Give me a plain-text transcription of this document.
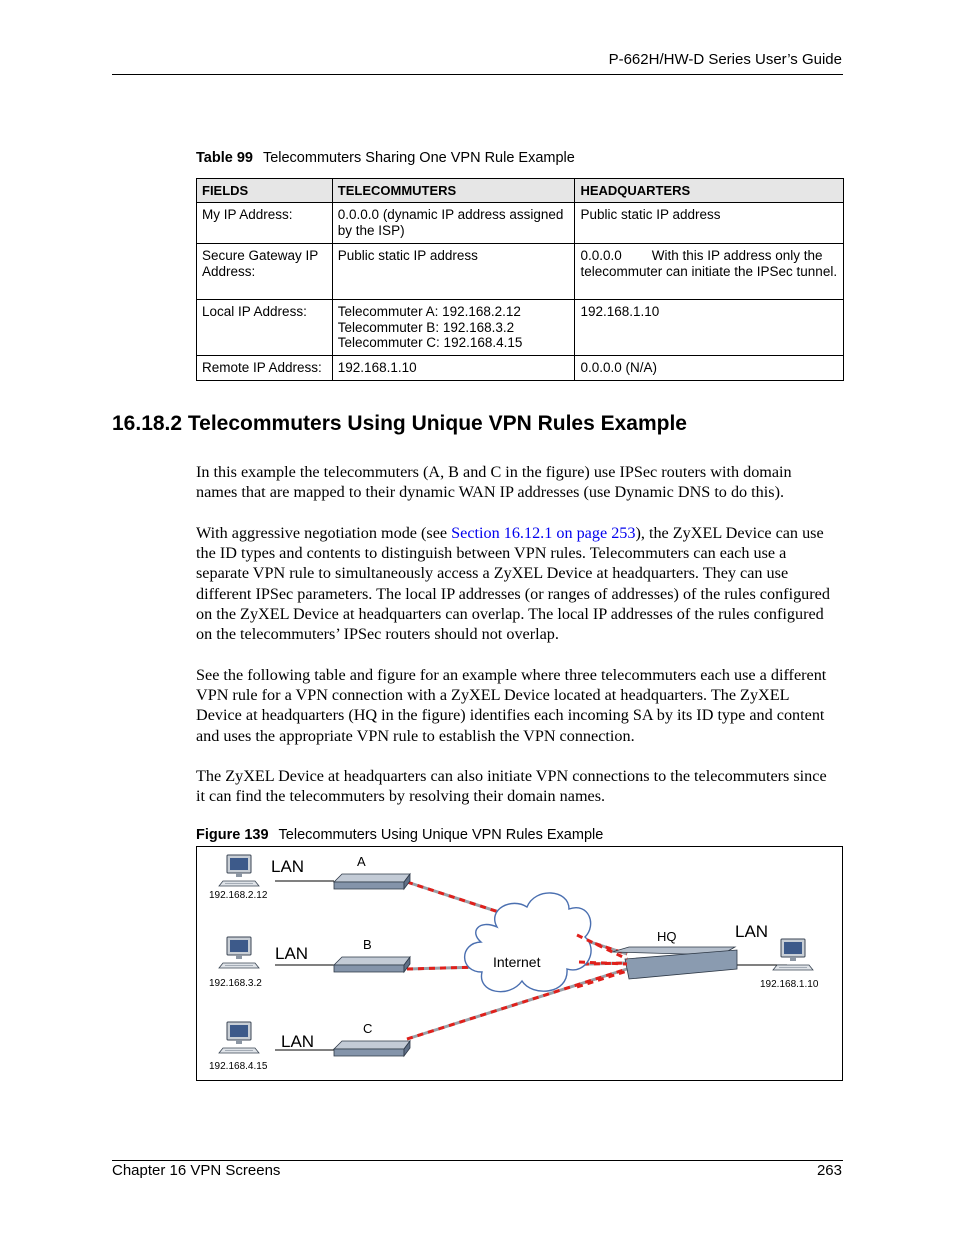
P-662H/HW-D Series User’s Guide
Table 99 Telecommuters Sharing One VPN Rule Example
FIELDS	TELECOMMUTERS	HEADQUARTERS
My IP Address:	0.0.0.0 (dynamic IP address assigned by the ISP)	Public static IP address

Secure Gateway IP Address:	Public static IP address	0.0.0.0        With this IP address only the telecommuter can initiate the IPSec tunnel.

Local IP Address:	Telecommuter A: 192.168.2.12
Telecommuter B: 192.168.3.2
Telecommuter C: 192.168.4.15	192.168.1.10

Remote IP Address:	192.168.1.10	0.0.0.0 (N/A)
16.18.2 Telecommuters Using Unique VPN Rules Example

In this example the telecommuters (A, B and C in the figure) use IPSec routers with domain names that are mapped to their dynamic WAN IP addresses (use Dynamic DNS to do this).

With aggressive negotiation mode (see Section 16.12.1 on page 253), the ZyXEL Device can use the ID types and contents to distinguish between VPN rules. Telecommuters can each use a separate VPN rule to simultaneously access a ZyXEL Device at headquarters. They can use different IPSec parameters. The local IP addresses (or ranges of addresses) of the rules configured on the ZyXEL Device at headquarters can overlap. The local IP addresses of the rules configured on the telecommuters’ IPSec routers should not overlap.

See the following table and figure for an example where three telecommuters each use a different VPN rule for a VPN connection with a ZyXEL Device located at headquarters. The ZyXEL Device at headquarters (HQ in the figure) identifies each incoming SA by its ID type and content and uses the appropriate VPN rule to establish the VPN connection.

The ZyXEL Device at headquarters can also initiate VPN connections to the telecommuters since it can find the telecommuters by resolving their domain names.

Figure 139 Telecommuters Using Unique VPN Rules Example
LAN
LAN
LAN
LAN
A
B
C
HQ
Internet
192.168.2.12
192.168.3.2
192.168.4.15
192.168.1.10
Chapter 16 VPN Screens	263
